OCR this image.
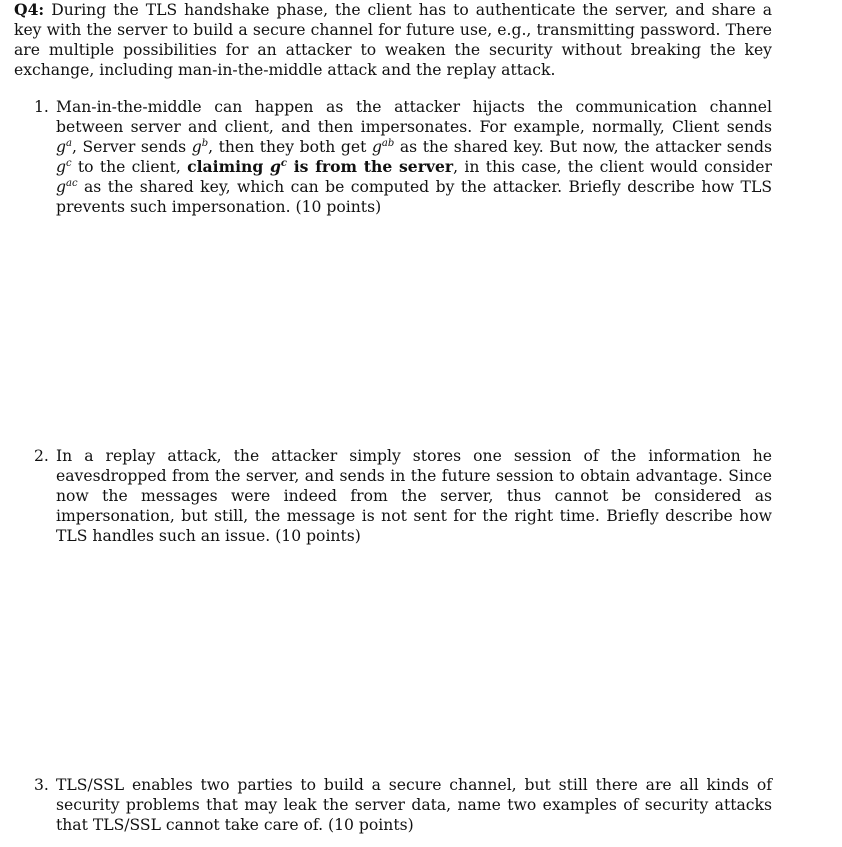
Q4: During the TLS handshake phase, the client has to authenticate the server, and share a key with the server to build a secure channel for future use, e.g., transmitting password. There are multiple possibilities for an attacker to weaken the security without breaking the key exchange, including man-in-the-middle attack and the replay attack.

1. Man-in-the-middle can happen as the attacker hijacts the communication channel between server and client, and then impersonates. For example, normally, Client sends $g^a$, Server sends $g^b$, then they both get $g^{ab}$ as the shared key. But now, the attacker sends $g^c$ to the client, claiming $g^c$ is from the server, in this case, the client would consider $g^{ac}$ as the shared key, which can be computed by the attacker. Briefly describe how TLS prevents such impersonation. (10 points)
2. In a replay attack, the attacker simply stores one session of the information he eavesdropped from the server, and sends in the future session to obtain advantage. Since now the messages were indeed from the server, thus cannot be considered as impersonation, but still, the message is not sent for the right time. Briefly describe how TLS handles such an issue. (10 points)
3. TLS/SSL enables two parties to build a secure channel, but still there are all kinds of security problems that may leak the server data, name two examples of security attacks that TLS/SSL cannot take care of. (10 points)
